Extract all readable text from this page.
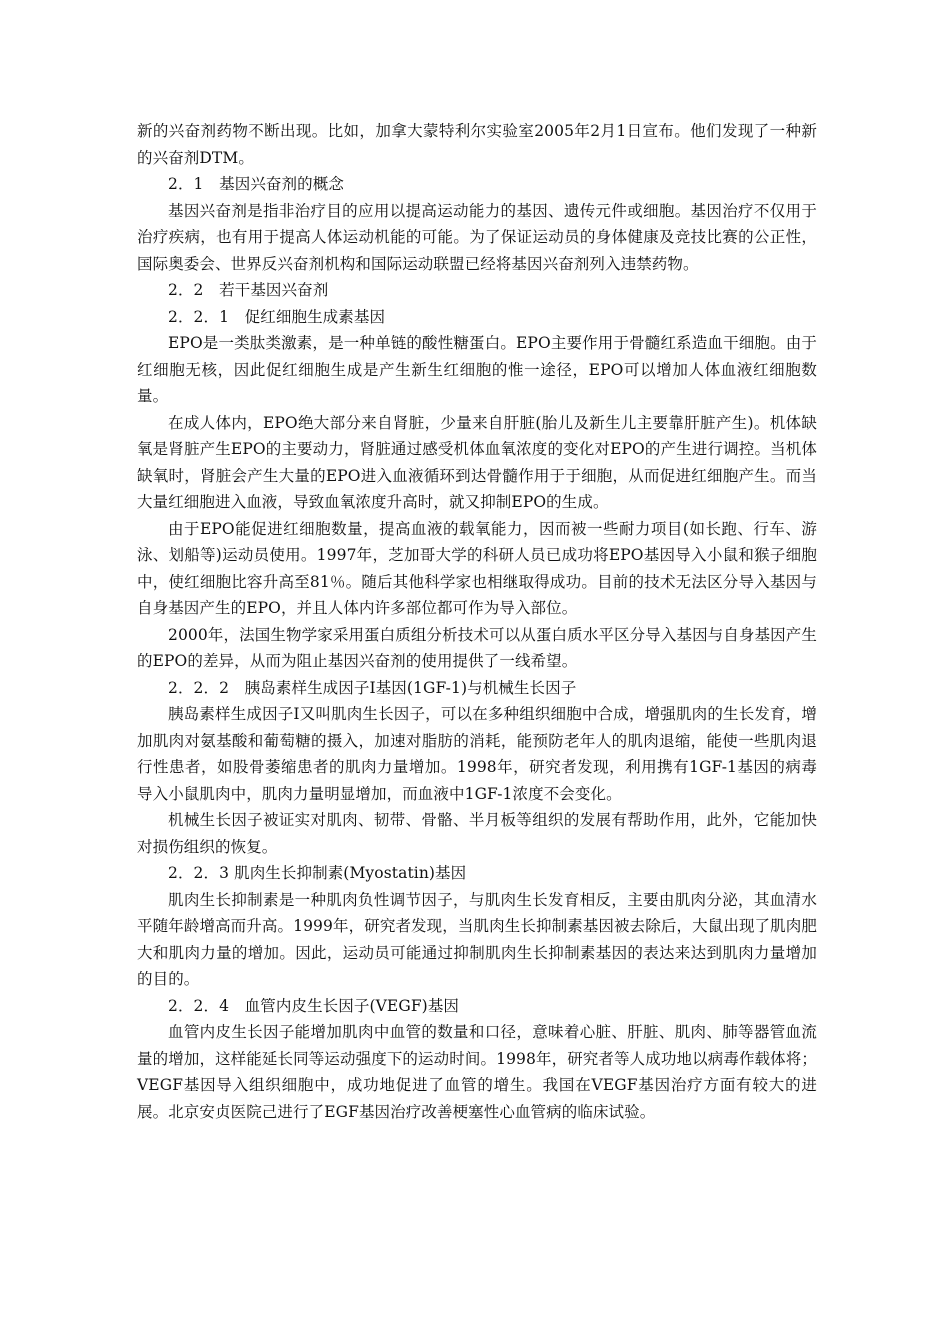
新的兴奋剂药物不断出现。比如，加拿大蒙特利尔实验室2005年2月1日宣布。他们发现了一种新的兴奋剂DTM。

2．1　基因兴奋剂的概念

基因兴奋剂是指非治疗目的应用以提高运动能力的基因、遗传元件或细胞。基因治疗不仅用于治疗疾病，也有用于提高人体运动机能的可能。为了保证运动员的身体健康及竞技比赛的公正性，国际奥委会、世界反兴奋剂机构和国际运动联盟已经将基因兴奋剂列入违禁药物。

2．2　若干基因兴奋剂

2．2．1　促红细胞生成素基因

EPO是一类肽类激素，是一种单链的酸性糖蛋白。EPO主要作用于骨髓红系造血干细胞。由于红细胞无核，因此促红细胞生成是产生新生红细胞的惟一途径，EPO可以增加人体血液红细胞数量。

在成人体内，EPO绝大部分来自肾脏，少量来自肝脏(胎儿及新生儿主要靠肝脏产生)。机体缺氧是肾脏产生EPO的主要动力，肾脏通过感受机体血氧浓度的变化对EPO的产生进行调控。当机体缺氧时，肾脏会产生大量的EPO进入血液循环到达骨髓作用于于细胞，从而促进红细胞产生。而当大量红细胞进入血液，导致血氧浓度升高时，就又抑制EPO的生成。

由于EPO能促进红细胞数量，提高血液的载氧能力，因而被一些耐力项目(如长跑、行车、游泳、划船等)运动员使用。1997年，芝加哥大学的科研人员已成功将EPO基因导入小鼠和猴子细胞中，使红细胞比容升高至81％。随后其他科学家也相继取得成功。目前的技术无法区分导入基因与自身基因产生的EPO，并且人体内许多部位都可作为导入部位。

2000年，法国生物学家采用蛋白质组分析技术可以从蛋白质水平区分导入基因与自身基因产生的EPO的差异，从而为阻止基因兴奋剂的使用提供了一线希望。

2．2．2　胰岛素样生成因子Ⅰ基因(1GF-1)与机械生长因子

胰岛素样生成因子Ⅰ又叫肌肉生长因子，可以在多种组织细胞中合成，增强肌肉的生长发育，增加肌肉对氨基酸和葡萄糖的摄入，加速对脂肪的消耗，能预防老年人的肌肉退缩，能使一些肌肉退行性患者，如股骨萎缩患者的肌肉力量增加。1998年，研究者发现，利用携有1GF-1基因的病毒导入小鼠肌肉中，肌肉力量明显增加，而血液中1GF-1浓度不会变化。

机械生长因子被证实对肌肉、韧带、骨骼、半月板等组织的发展有帮助作用，此外，它能加快对损伤组织的恢复。

2．2．3 肌肉生长抑制素(Myostatin)基因

肌肉生长抑制素是一种肌肉负性调节因子，与肌肉生长发育相反，主要由肌肉分泌，其血清水平随年龄增高而升高。1999年，研究者发现，当肌肉生长抑制素基因被去除后，大鼠出现了肌肉肥大和肌肉力量的增加。因此，运动员可能通过抑制肌肉生长抑制素基因的表达来达到肌肉力量增加的目的。

2．2．4　血管内皮生长因子(VEGF)基因

血管内皮生长因子能增加肌肉中血管的数量和口径，意味着心脏、肝脏、肌肉、肺等器管血流量的增加，这样能延长同等运动强度下的运动时间。1998年，研究者等人成功地以病毒作载体将；VEGF基因导入组织细胞中，成功地促进了血管的增生。我国在VEGF基因治疗方面有较大的进展。北京安贞医院己进行了EGF基因治疗改善梗塞性心血管病的临床试验。
